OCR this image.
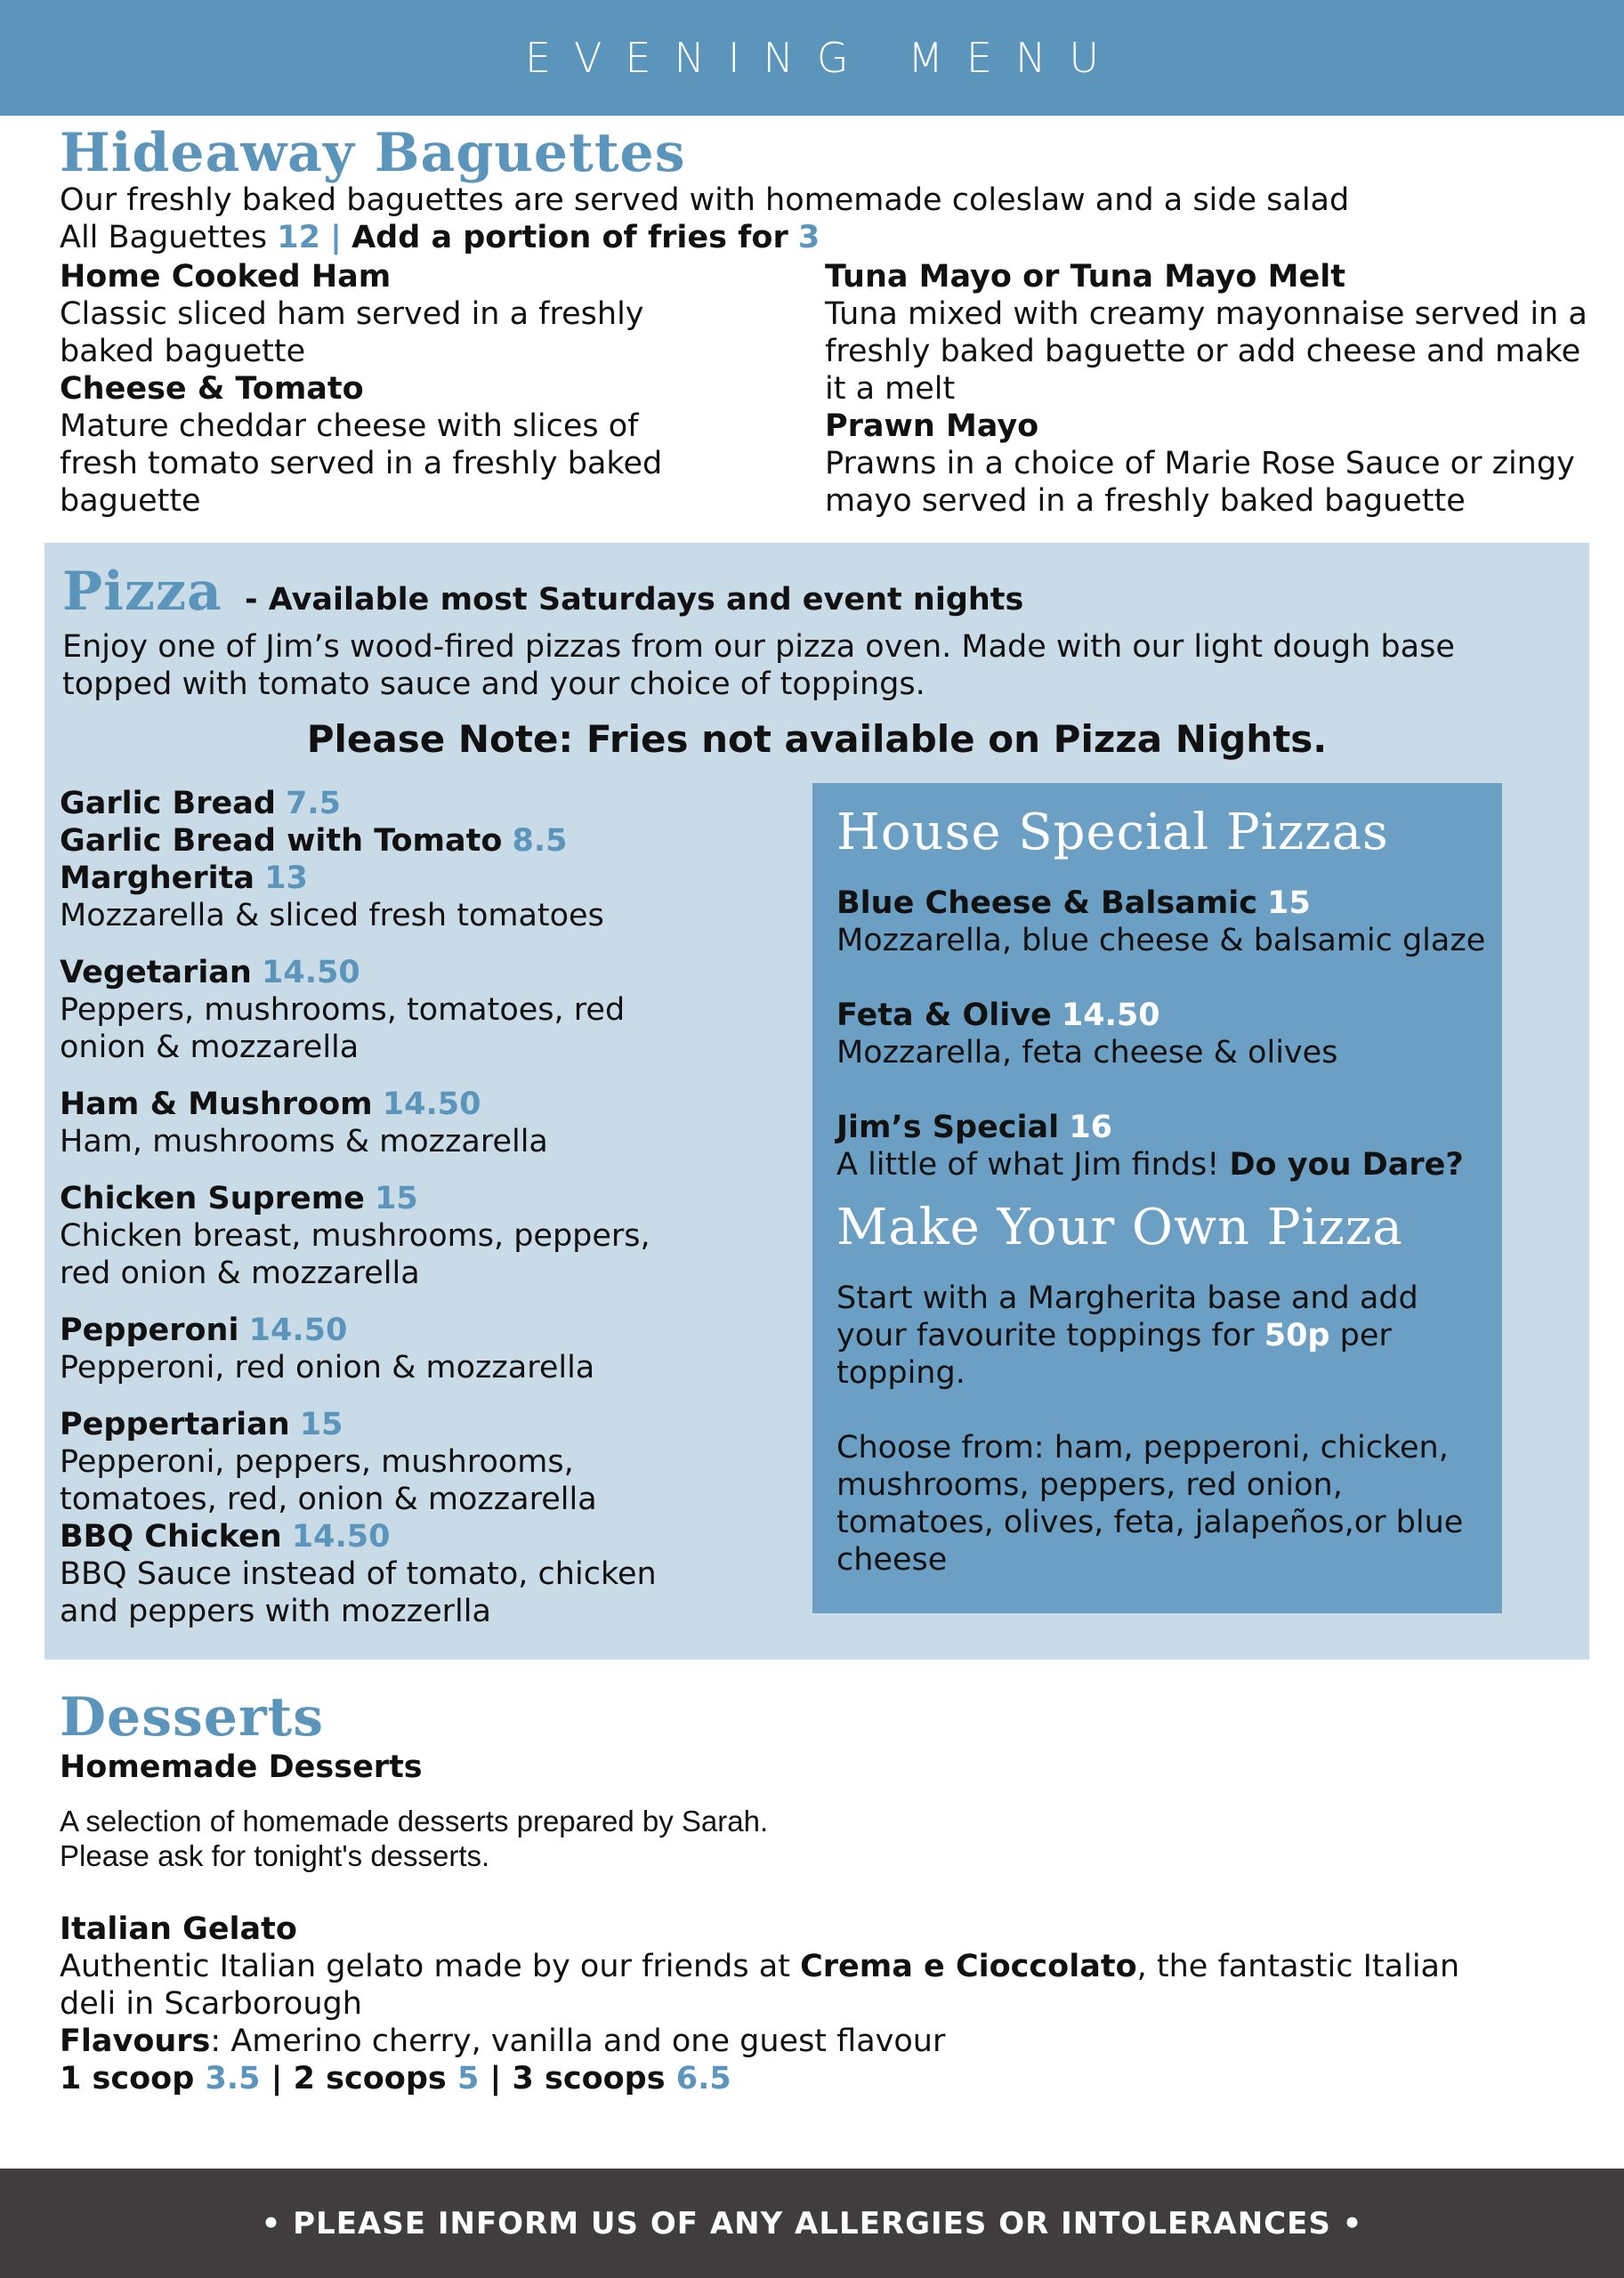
EVENING MENU
Hideaway Baguettes

Our freshly baked baguettes are served with homemade coleslaw and a side salad

All Baguettes 12 | Add a portion of fries for 3

Home Cooked Ham

Classic sliced ham served in a freshly baked baguette

Cheese & Tomato

Mature cheddar cheese with slices of fresh tomato served in a freshly baked baguette

Tuna Mayo or Tuna Mayo Melt

Tuna mixed with creamy mayonnaise served in a freshly baked baguette or add cheese and make it a melt

Prawn Mayo

Prawns in a choice of Marie Rose Sauce or zingy mayo served in a freshly baked baguette

Pizza - Available most Saturdays and event nights

Enjoy one of Jim’s wood-fired pizzas from our pizza oven. Made with our light dough base topped with tomato sauce and your choice of toppings.

Please Note: Fries not available on Pizza Nights.

Garlic Bread 7.5

Garlic Bread with Tomato 8.5

Margherita 13

Mozzarella & sliced fresh tomatoes

Vegetarian 14.50

Peppers, mushrooms, tomatoes, red onion & mozzarella

Ham & Mushroom 14.50

Ham, mushrooms & mozzarella

Chicken Supreme 15

Chicken breast, mushrooms, peppers, red onion & mozzarella

Pepperoni 14.50

Pepperoni, red onion & mozzarella

Peppertarian 15

Pepperoni, peppers, mushrooms, tomatoes, red, onion & mozzarella

BBQ Chicken 14.50

BBQ Sauce instead of tomato, chicken and peppers with mozzerlla

House Special Pizzas

Blue Cheese & Balsamic 15

Mozzarella, blue cheese & balsamic glaze

Feta & Olive 14.50

Mozzarella, feta cheese & olives

Jim’s Special 16

A little of what Jim finds! Do you Dare?

Make Your Own Pizza

Start with a Margherita base and add your favourite toppings for 50p per topping.

Choose from: ham, pepperoni, chicken, mushrooms, peppers, red onion, tomatoes, olives, feta, jalapeños,or blue cheese

Desserts

Homemade Desserts

A selection of homemade desserts prepared by Sarah.

Please ask for tonight's desserts.

Italian Gelato

Authentic Italian gelato made by our friends at Crema e Cioccolato, the fantastic Italian deli in Scarborough

Flavours: Amerino cherry, vanilla and one guest flavour

1 scoop 3.5 | 2 scoops 5 | 3 scoops 6.5

• PLEASE INFORM US OF ANY ALLERGIES OR INTOLERANCES •
